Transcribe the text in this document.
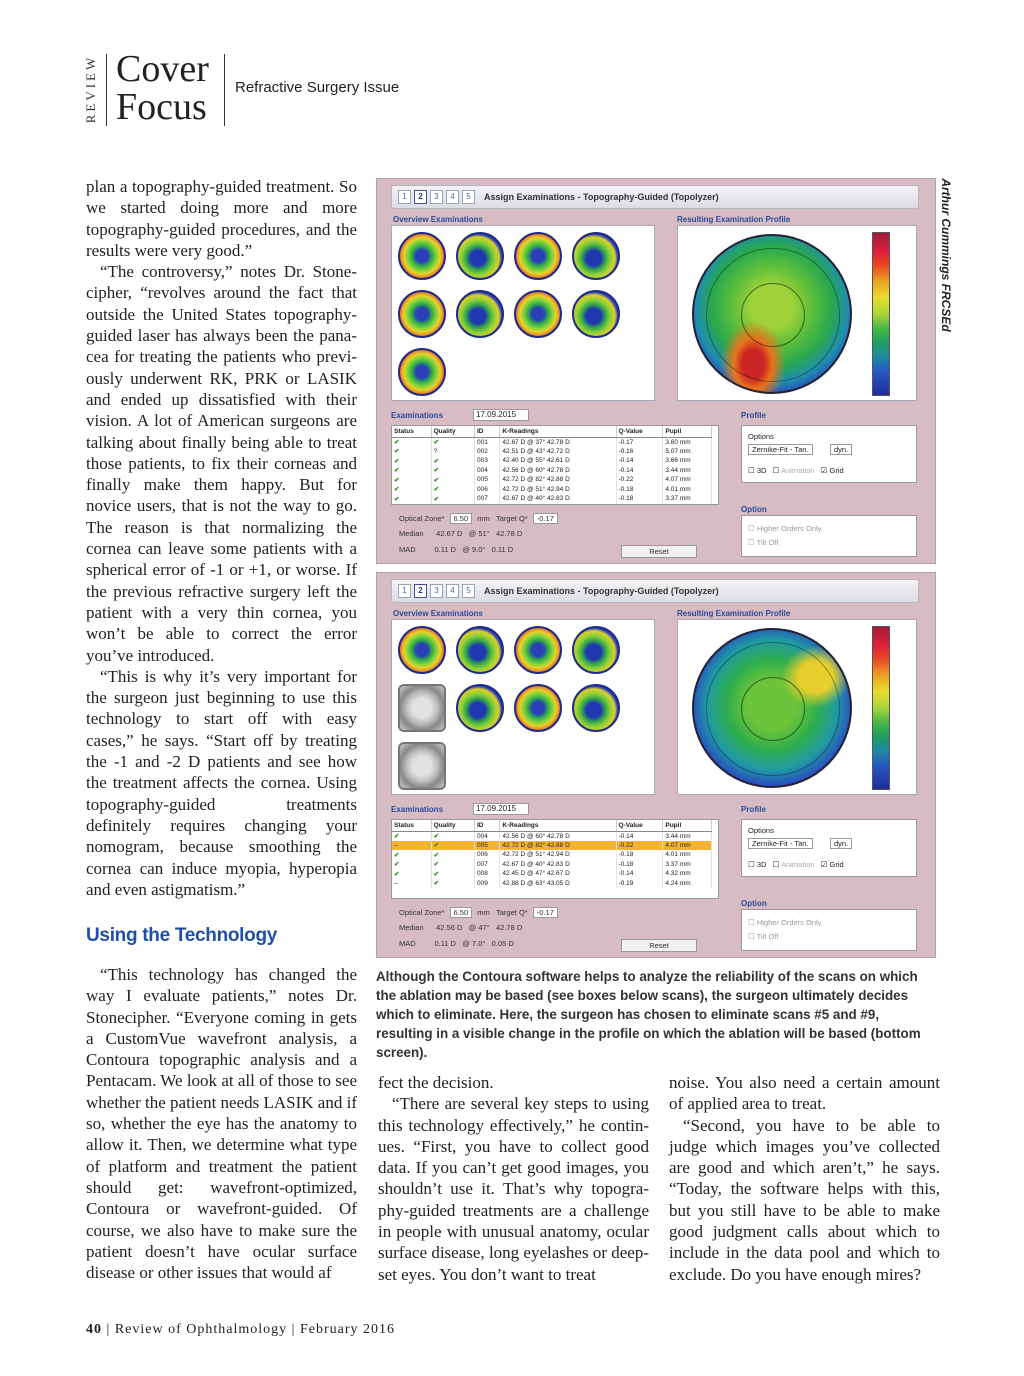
REVIEW Cover
Focus Refractive Surgery Issue

plan a topography-guided treatment. So we started doing more and more topography-guided procedures, and the results were very good.”

“The controversy,” notes Dr. Stonecipher, “revolves around the fact that outside the United States topography-guided laser has always been the panacea for treating the patients who previously underwent RK, PRK or LASIK and ended up dissatisfied with their vision. A lot of American surgeons are talking about finally being able to treat those patients, to fix their corneas and finally make them happy. But for novice users, that is not the way to go. The reason is that normalizing the cornea can leave some patients with a spherical error of -1 or +1, or worse. If the previous refractive surgery left the patient with a very thin cornea, you won’t be able to correct the error you’ve introduced.

“This is why it’s very important for the surgeon just beginning to use this technology to start off with easy cases,” he says. “Start off by treating the -1 and -2 D patients and see how the treatment affects the cornea. Using topography-guided treatments definitely requires changing your nomogram, because smoothing the cornea can induce myopia, hyperopia and even astigmatism.”

Using the Technology

“This technology has changed the way I evaluate patients,” notes Dr. Stonecipher. “Everyone coming in gets a CustomVue wavefront analysis, a Contoura topographic analysis and a Pentacam. We look at all of those to see whether the patient needs LASIK and if so, whether the eye has the anatomy to allow it. Then, we determine what type of platform and treatment the patient should get: wavefront-optimized, Contoura or wavefront-guided. Of course, we also have to make sure the patient doesn’t have ocular surface disease or other issues that would af

fect the decision.

“There are several key steps to using this technology effectively,” he continues. “First, you have to collect good data. If you can’t get good images, you shouldn’t use it. That’s why topography-guided treatments are a challenge in people with unusual anatomy, ocular surface disease, long eyelashes or deep-set eyes. You don’t want to treat

noise. You also need a certain amount of applied area to treat.

“Second, you have to be able to judge which images you’ve collected are good and which aren’t,” he says. “Today, the software helps with this, but you still have to be able to make good judgment calls about which to include in the data pool and which to exclude. Do you have enough mires?

Arthur Cummings FRCSEd
1	2	3	4	5	Assign Examinations - Topography-Guided (Topolyzer)
Overview Examinations	Resulting Examination Profile
Examinations	17.09.2015	Profile
Status	Quality	ID	K-Readings	Q-Value	Pupil
✔	✔	001	42.67 D @ 37° 42.78 D	-0.17	3.60 mm
✔	?	002	42.51 D @ 43° 42.72 D	-0.16	5.07 mm
✔	✔	003	42.40 D @ 55° 42.61 D	-0.14	3.66 mm
✔	✔	004	42.56 D @ 60° 42.78 D	-0.14	3.44 mm
✔	✔	005	42.72 D @ 82° 42.88 D	-0.22	4.07 mm
✔	✔	006	42.72 D @ 51° 42.94 D	-0.18	4.01 mm
✔	✔	007	42.67 D @ 40° 42.83 D	-0.18	3.37 mm
Optical Zone* 6.50 mm Target Q* -0.17
Median 42.67 D @ 51° 42.78 D
MAD	0.11 D @ 9.0° 0.11 D	Reset
Options
Zernike-Fit - Tan.	dyn.
☐ 3D   ☐ Animation   ☑ Grid
Option
☐ Higher Orders Only
☐ Tilt Off
1	2	3	4	5	Assign Examinations - Topography-Guided (Topolyzer)
Overview Examinations	Resulting Examination Profile
Examinations	17.09.2015	Profile
Status	Quality	ID	K-Readings	Q-Value	Pupil
✔	✔	004	42.56 D @ 60° 42.78 D	-0.14	3.44 mm
–	✔	005	42.72 D @ 82° 42.88 D	-0.22	4.07 mm
✔	✔	006	42.72 D @ 51° 42.94 D	-0.18	4.01 mm
✔	✔	007	42.67 D @ 40° 42.83 D	-0.18	3.37 mm
✔	✔	008	42.45 D @ 47° 42.67 D	-0.14	4.32 mm
–	✔	009	42.88 D @ 63° 43.05 D	-0.19	4.24 mm
Optical Zone* 6.50 mm Target Q* -0.17
Median 42.56 D @ 47° 42.78 D
MAD	0.11 D @ 7.0° 0.05 D	Reset
Options
Zernike-Fit - Tan.	dyn.
☐ 3D   ☐ Animation   ☑ Grid
Option
☐ Higher Orders Only
☐ Tilt Off
Although the Contoura software helps to analyze the reliability of the scans on which the ablation may be based (see boxes below scans), the surgeon ultimately decides which to eliminate. Here, the surgeon has chosen to eliminate scans #5 and #9, resulting in a visible change in the profile on which the ablation will be based (bottom screen).
40 | Review of Ophthalmology | February 2016
